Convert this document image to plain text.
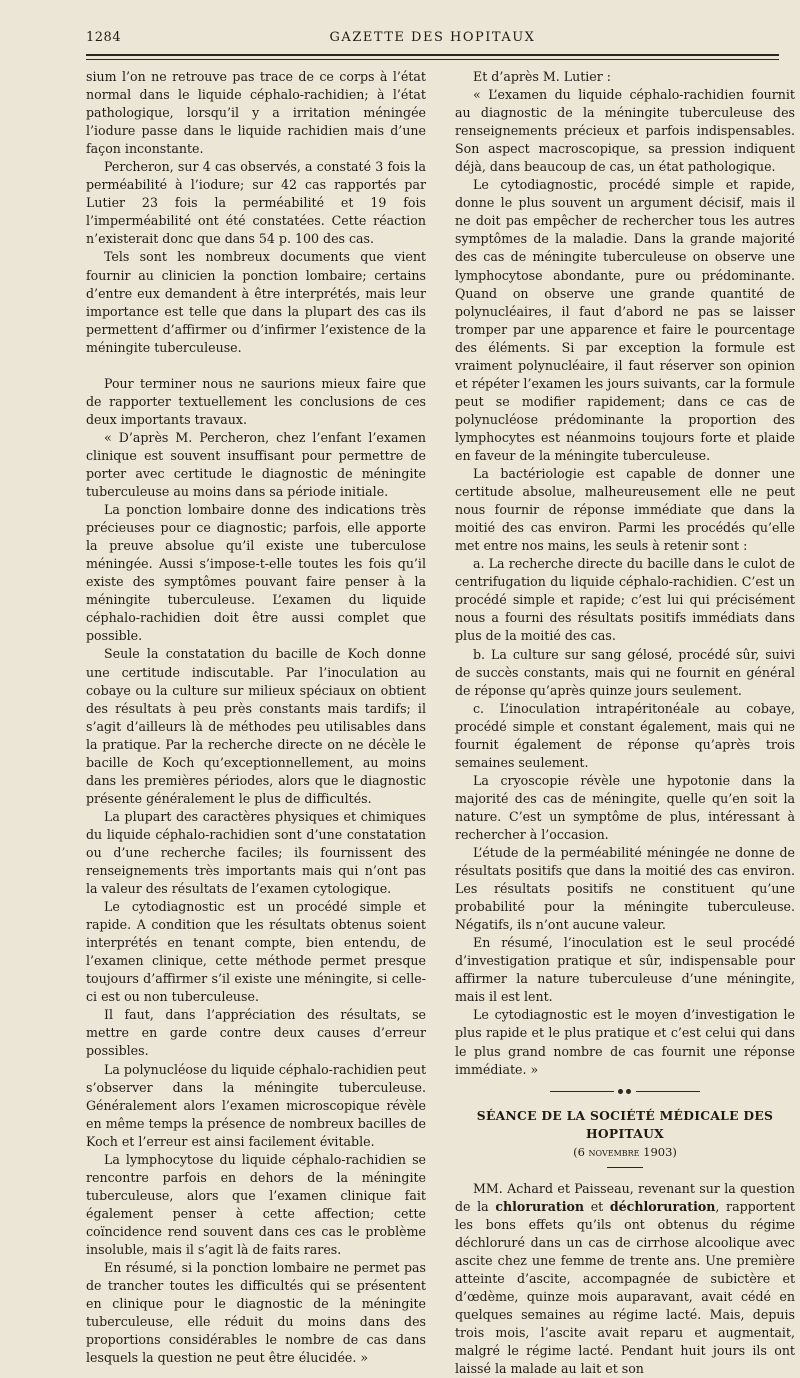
1284	GAZETTE DES HOPITAUX

sium l’on ne retrouve pas trace de ce corps à l’état normal dans le liquide céphalo-rachidien; à l’état pathologique, lorsqu’il y a irritation méningée l’iodure passe dans le liquide rachidien mais d’une façon inconstante.

Percheron, sur 4 cas observés, a constaté 3 fois la perméabilité à l’iodure; sur 42 cas rapportés par Lutier 23 fois la perméabilité et 19 fois l’imperméabilité ont été constatées. Cette réaction n’existerait donc que dans 54 p. 100 des cas.

Tels sont les nombreux documents que vient fournir au clinicien la ponction lombaire; certains d’entre eux demandent à être interprétés, mais leur importance est telle que dans la plupart des cas ils permettent d’affirmer ou d’infirmer l’existence de la méningite tuberculeuse.

Pour terminer nous ne saurions mieux faire que de rapporter textuellement les conclusions de ces deux importants travaux.

« D’après M. Percheron, chez l’enfant l’examen clinique est souvent insuffisant pour permettre de porter avec certitude le diagnostic de méningite tuberculeuse au moins dans sa période initiale.

La ponction lombaire donne des indications très précieuses pour ce diagnostic; parfois, elle apporte la preuve absolue qu’il existe une tuberculose méningée. Aussi s’impose-t-elle toutes les fois qu’il existe des symptômes pouvant faire penser à la méningite tuberculeuse. L’examen du liquide céphalo-rachidien doit être aussi complet que possible.

Seule la constatation du bacille de Koch donne une certitude indiscutable. Par l’inoculation au cobaye ou la culture sur milieux spéciaux on obtient des résultats à peu près constants mais tardifs; il s’agit d’ailleurs là de méthodes peu utilisables dans la pratique. Par la recherche directe on ne décèle le bacille de Koch qu’exceptionnellement, au moins dans les premières périodes, alors que le diagnostic présente généralement le plus de difficultés.

La plupart des caractères physiques et chimiques du liquide céphalo-rachidien sont d’une constatation ou d’une recherche faciles; ils fournissent des renseignements très importants mais qui n’ont pas la valeur des résultats de l’examen cytologique.

Le cytodiagnostic est un procédé simple et rapide. A condition que les résultats obtenus soient interprétés en tenant compte, bien entendu, de l’examen clinique, cette méthode permet presque toujours d’affirmer s’il existe une méningite, si celle-ci est ou non tuberculeuse.

Il faut, dans l’appréciation des résultats, se mettre en garde contre deux causes d’erreur possibles.

La polynucléose du liquide céphalo-rachidien peut s’observer dans la méningite tuberculeuse. Généralement alors l’examen microscopique révèle en même temps la présence de nombreux bacilles de Koch et l’erreur est ainsi facilement évitable.

La lymphocytose du liquide céphalo-rachidien se rencontre parfois en dehors de la méningite tuberculeuse, alors que l’examen clinique fait également penser à cette affection; cette coïncidence rend souvent dans ces cas le problème insoluble, mais il s’agit là de faits rares.

En résumé, si la ponction lombaire ne permet pas de trancher toutes les difficultés qui se présentent en clinique pour le diagnostic de la méningite tuberculeuse, elle réduit du moins dans des proportions considérables le nombre de cas dans lesquels la question ne peut être élucidée. »

Et d’après M. Lutier :

« L’examen du liquide céphalo-rachidien fournit au diagnostic de la méningite tuberculeuse des renseignements précieux et parfois indispensables. Son aspect macroscopique, sa pression indiquent déjà, dans beaucoup de cas, un état pathologique.

Le cytodiagnostic, procédé simple et rapide, donne le plus souvent un argument décisif, mais il ne doit pas empêcher de rechercher tous les autres symptômes de la maladie. Dans la grande majorité des cas de méningite tuberculeuse on observe une lymphocytose abondante, pure ou prédominante. Quand on observe une grande quantité de polynucléaires, il faut d’abord ne pas se laisser tromper par une apparence et faire le pourcentage des éléments. Si par exception la formule est vraiment polynucléaire, il faut réserver son opinion et répéter l’examen les jours suivants, car la formule peut se modifier rapidement; dans ce cas de polynucléose prédominante la proportion des lymphocytes est néanmoins toujours forte et plaide en faveur de la méningite tuberculeuse.

La bactériologie est capable de donner une certitude absolue, malheureusement elle ne peut nous fournir de réponse immédiate que dans la moitié des cas environ. Parmi les procédés qu’elle met entre nos mains, les seuls à retenir sont :

a. La recherche directe du bacille dans le culot de centrifugation du liquide céphalo-rachidien. C’est un procédé simple et rapide; c’est lui qui précisément nous a fourni des résultats positifs immédiats dans plus de la moitié des cas.

b. La culture sur sang gélosé, procédé sûr, suivi de succès constants, mais qui ne fournit en général de réponse qu’après quinze jours seulement.

c. L’inoculation intrapéritonéale au cobaye, procédé simple et constant également, mais qui ne fournit également de réponse qu’après trois semaines seulement.

La cryoscopie révèle une hypotonie dans la majorité des cas de méningite, quelle qu’en soit la nature. C’est un symptôme de plus, intéressant à rechercher à l’occasion.

L’étude de la perméabilité méningée ne donne de résultats positifs que dans la moitié des cas environ. Les résultats positifs ne constituent qu’une probabilité pour la méningite tuberculeuse. Négatifs, ils n’ont aucune valeur.

En résumé, l’inoculation est le seul procédé d’investigation pratique et sûr, indispensable pour affirmer la nature tuberculeuse d’une méningite, mais il est lent.

Le cytodiagnostic est le moyen d’investigation le plus rapide et le plus pratique et c’est celui qui dans le plus grand nombre de cas fournit une réponse immédiate. »

SÉANCE DE LA SOCIÉTÉ MÉDICALE DES HOPITAUX

(6 novembre 1903)

MM. Achard et Paisseau, revenant sur la question de la chloruration et déchloruration, rapportent les bons effets qu’ils ont obtenus du régime déchloruré dans un cas de cirrhose alcoolique avec ascite chez une femme de trente ans. Une première atteinte d’ascite, accompagnée de subictère et d’œdème, quinze mois auparavant, avait cédé en quelques semaines au régime lacté. Mais, depuis trois mois, l’ascite avait reparu et augmentait, malgré le régime lacté. Pendant huit jours ils ont laissé la malade au lait et son
